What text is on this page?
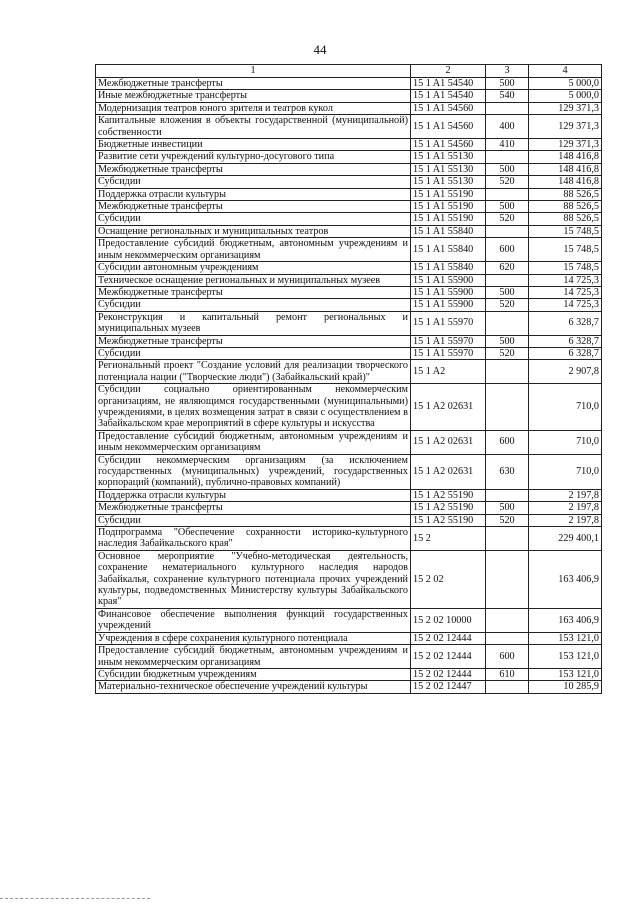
44
1	2	3	4
Межбюджетные трансферты	15 1 A1 54540	500	5 000,0
Иные межбюджетные трансферты	15 1 A1 54540	540	5 000,0
Модернизация театров юного зрителя и театров кукол	15 1 A1 54560		129 371,3
Капитальные вложения в объекты государственной (муниципальной) собственности	15 1 A1 54560	400	129 371,3
Бюджетные инвестиции	15 1 A1 54560	410	129 371,3
Развитие сети учреждений культурно-досугового типа	15 1 A1 55130		148 416,8
Межбюджетные трансферты	15 1 A1 55130	500	148 416,8
Субсидии	15 1 A1 55130	520	148 416,8
Поддержка отрасли культуры	15 1 A1 55190		88 526,5
Межбюджетные трансферты	15 1 A1 55190	500	88 526,5
Субсидии	15 1 A1 55190	520	88 526,5
Оснащение региональных и муниципальных театров	15 1 A1 55840		15 748,5
Предоставление субсидий бюджетным, автономным учреждениям и иным некоммерческим организациям	15 1 A1 55840	600	15 748,5
Субсидии автономным учреждениям	15 1 A1 55840	620	15 748,5
Техническое оснащение региональных и муниципальных музеев	15 1 A1 55900		14 725,3
Межбюджетные трансферты	15 1 A1 55900	500	14 725,3
Субсидии	15 1 A1 55900	520	14 725,3
Реконструкция и капитальный ремонт региональных и муниципальных музеев	15 1 A1 55970		6 328,7
Межбюджетные трансферты	15 1 A1 55970	500	6 328,7
Субсидии	15 1 A1 55970	520	6 328,7
Региональный проект "Создание условий для реализации творческого потенциала нации ("Творческие люди") (Забайкальский край)"	15 1 A2		2 907,8
Субсидии социально ориентированным некоммерческим организациям, не являющимся государственными (муниципальными) учреждениями, в целях возмещения затрат в связи с осуществлением в Забайкальском крае мероприятий в сфере культуры и искусства	15 1 A2 02631		710,0
Предоставление субсидий бюджетным, автономным учреждениям и иным некоммерческим организациям	15 1 A2 02631	600	710,0
Субсидии некоммерческим организациям (за исключением государственных (муниципальных) учреждений, государственных корпораций (компаний), публично-правовых компаний)	15 1 A2 02631	630	710,0
Поддержка отрасли культуры	15 1 A2 55190		2 197,8
Межбюджетные трансферты	15 1 A2 55190	500	2 197,8
Субсидии	15 1 A2 55190	520	2 197,8
Подпрограмма "Обеспечение сохранности историко-культурного наследия Забайкальского края"	15 2		229 400,1
Основное мероприятие "Учебно-методическая деятельность, сохранение нематериального культурного наследия народов Забайкалья, сохранение культурного потенциала прочих учреждений культуры, подведомственных Министерству культуры Забайкальского края"	15 2 02		163 406,9
Финансовое обеспечение выполнения функций государственных учреждений	15 2 02 10000		163 406,9
Учреждения в сфере сохранения культурного потенциала	15 2 02 12444		153 121,0
Предоставление субсидий бюджетным, автономным учреждениям и иным некоммерческим организациям	15 2 02 12444	600	153 121,0
Субсидии бюджетным учреждениям	15 2 02 12444	610	153 121,0
Материально-техническое обеспечение учреждений культуры	15 2 02 12447		10 285,9
